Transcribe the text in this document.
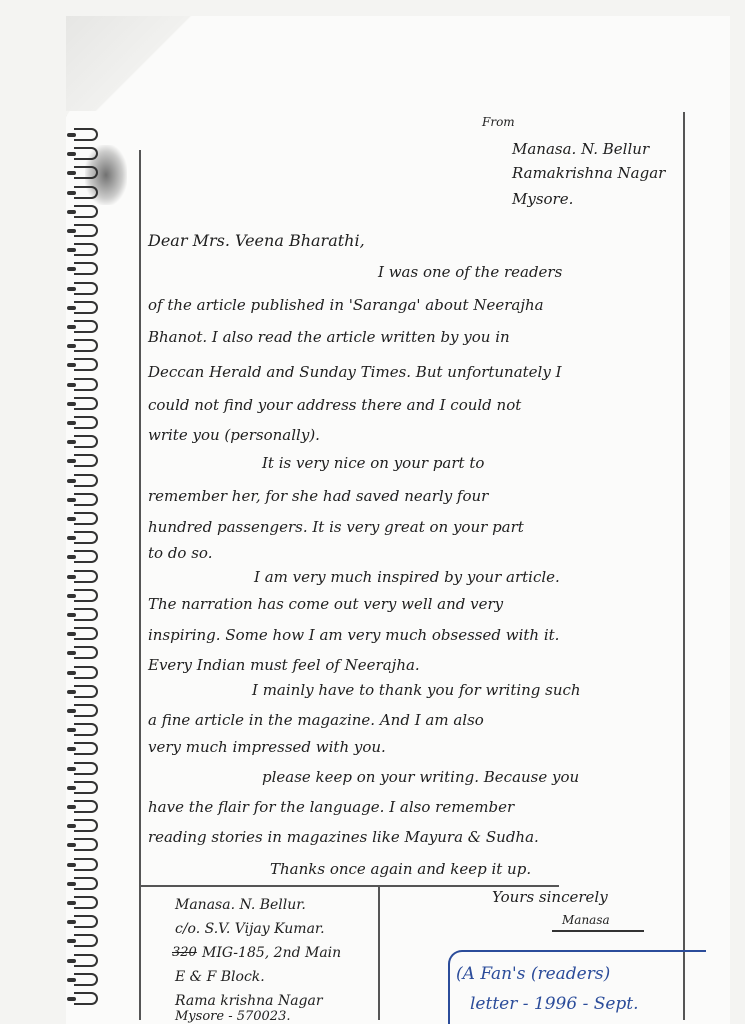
From
Manasa. N. Bellur
Ramakrishna Nagar
Mysore.
Dear Mrs. Veena Bharathi,
I was one of the readers
of the article published in 'Saranga' about Neerajha
Bhanot. I also read the article written by you in
Deccan Herald and Sunday Times. But unfortunately I
could not find your address there and I could not
write you (personally).
It is very nice on your part to
remember her, for she had saved nearly four
hundred passengers. It is very great on your part
to do so.
I am very much inspired by your article.
The narration has come out very well and very
inspiring. Some how I am very much obsessed with it.
Every Indian must feel of Neerajha.
I mainly have to thank you for writing such
a fine article in the magazine. And I am also
very much impressed with you.
please keep on your writing. Because you
have the flair for the language. I also remember
reading stories in magazines like Mayura & Sudha.
Thanks once again and keep it up.
Yours sincerely
Manasa
Manasa. N. Bellur.
c/o. S.V. Vijay Kumar.
320 MIG-185, 2nd Main
E & F Block.
Rama krishna Nagar
Mysore - 570023.
(A Fan's (readers)
letter - 1996 - Sept.
